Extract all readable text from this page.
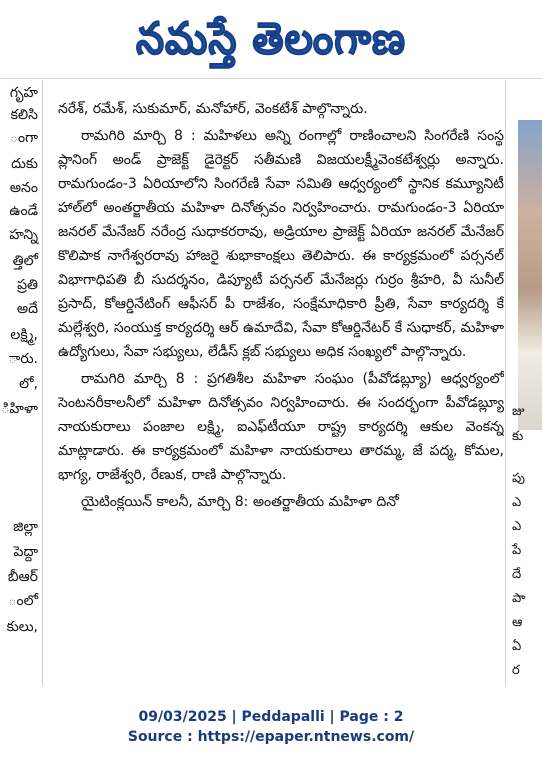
నమస్తే తెలంగాణ
గృహ
కలిసి
ంగా
దుకు
అనం
ఉండే
హన్ని
త్తిలో
ప్రతి
అదే
లక్ష్మి,
ారు.
లో,
ిహిళా
జిల్లా
పెద్దా
బీఆర్
ంలో
కులు,

నరేశ్, రమేశ్, సుకుమార్, మనోహార్, వెంకటేశ్ పాల్గొన్నారు.

రామగిరి మార్చి 8 : మహిళలు అన్ని రంగాల్లో రాణించాలని సింగరేణి సంస్థ ప్లానింగ్ అండ్ ప్రాజెక్ట్ డైరెక్టర్ సతీమణి విజయలక్ష్మీవెంకటేశ్వర్లు అన్నారు. రామగుండం-3 ఏరియాలోని సింగరేణి సేవా సమితి ఆధ్వర్యంలో స్థానిక కమ్యూనిటీ హాల్‌లో అంతర్జాతీయ మహిళా దినోత్సవం నిర్వహించారు. రామగుండం-3 ఏరియా జనరల్ మేనేజర్ నరేంద్ర సుధాకరరావు, అడ్రియాల ప్రాజెక్ట్ ఏరియా జనరల్ మేనేజర్ కొలిపాక నాగేశ్వరరావు హాజరై శుభాకాంక్షలు తెలిపారు. ఈ కార్యక్రమంలో పర్సనల్ విభాగాధిపతి బీ సుదర్శనం, డిప్యూటీ పర్సనల్ మేనేజర్లు గుర్రం శ్రీహరి, వీ సునీల్ ప్రసాద్, కోఆర్డినేటింగ్ ఆఫీసర్ పీ రాజేశం, సంక్షేమాధికారి ప్రీతి, సేవా కార్యదర్శి కే మల్లేశ్వరి, సంయుక్త కార్యదర్శి ఆర్ ఉమాదేవి, సేవా కోఆర్డినేటర్ కే సుధాకర్, మహిళా ఉద్యోగులు, సేవా సభ్యులు, లేడీస్ క్లబ్ సభ్యులు అధిక సంఖ్యలో పాల్గొన్నారు.

రామగిరి మార్చి 8 : ప్రగతిశీల మహిళా సంఘం (పీవోడబ్ల్యూ) ఆధ్వర్యంలో సెంటనరీకాలనీలో మహిళా దినోత్సవం నిర్వహించారు. ఈ సందర్భంగా పీవోడబ్ల్యూ నాయకురాలు పంజాల లక్ష్మి, ఐఎఫ్‌టీయూ రాష్ట్ర కార్యదర్శి ఆకుల వెంకన్న మాట్లాడారు. ఈ కార్యక్రమంలో మహిళా నాయకురాలు తారమ్మ, జే పద్మ, కోమల, భాగ్య, రాజేశ్వరి, రేణుక, రాణి పాల్గొన్నారు.

యైటింక్లయిన్ కాలనీ, మార్చి 8: అంతర్జాతీయ మహిళా దినో

జు
కు
పు
ఎ
ఎ
పే
దే
పా
ఆ
ఏ
ర
09/03/2025 | Peddapalli | Page : 2
Source : https://epaper.ntnews.com/
